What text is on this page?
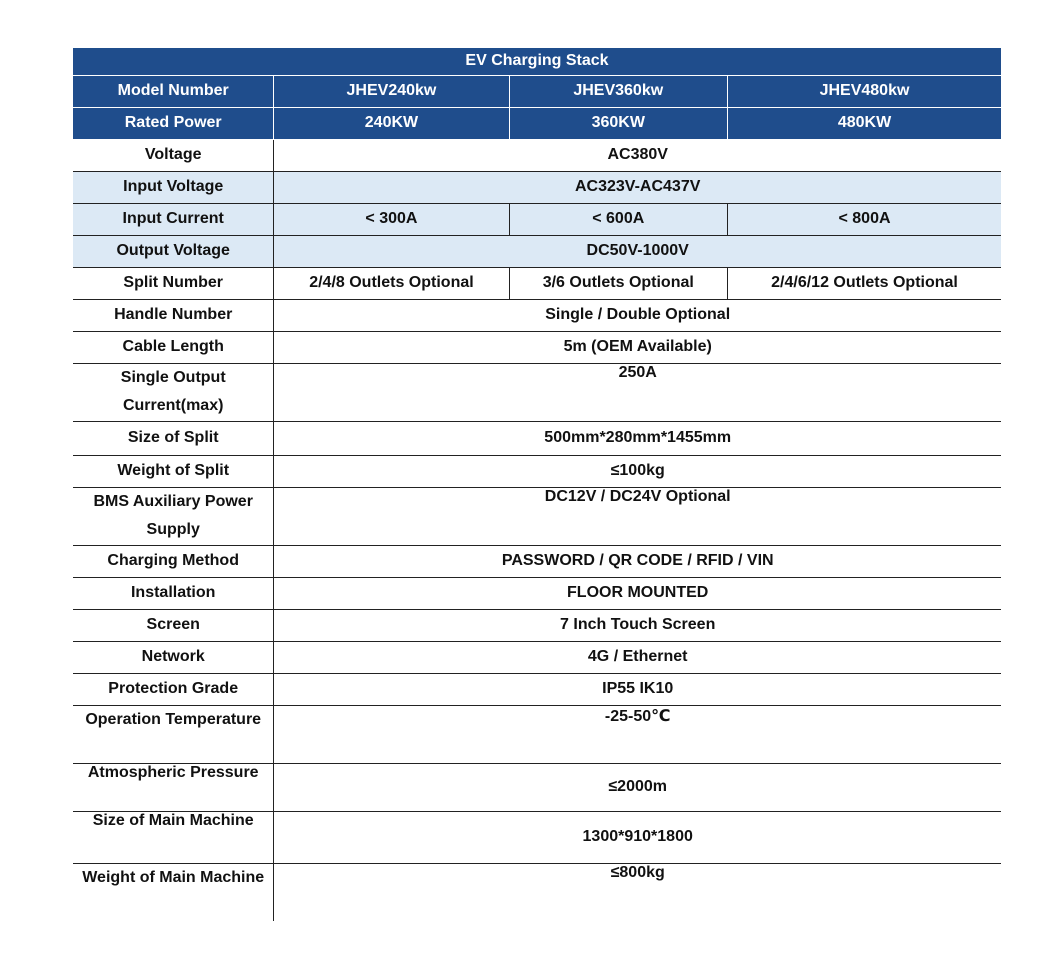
EV Charging Stack			
Model Number	JHEV240kw	JHEV360kw	JHEV480kw
Rated Power	240KW	360KW	480KW
Voltage	AC380V		
Input Voltage	AC323V-AC437V		
Input Current	< 300A	< 600A	< 800A
Output Voltage	DC50V-1000V		
Split Number	2/4/8 Outlets Optional	3/6 Outlets Optional	2/4/6/12 Outlets Optional
Handle Number	Single / Double Optional		
Cable Length	5m (OEM Available)		
Single Output Current(max)	250A		
Size of Split	500mm*280mm*1455mm		
Weight of Split	≤100kg		
BMS Auxiliary Power Supply	DC12V / DC24V Optional		
Charging Method	PASSWORD / QR CODE / RFID / VIN		
Installation	FLOOR MOUNTED		
Screen	7 Inch Touch Screen		
Network	4G / Ethernet		
Protection Grade	IP55 IK10		
Operation Temperature	-25-50℃		
Atmospheric Pressure	≤2000m		
Size of Main Machine	1300*910*1800		
Weight of Main Machine	≤800kg		
